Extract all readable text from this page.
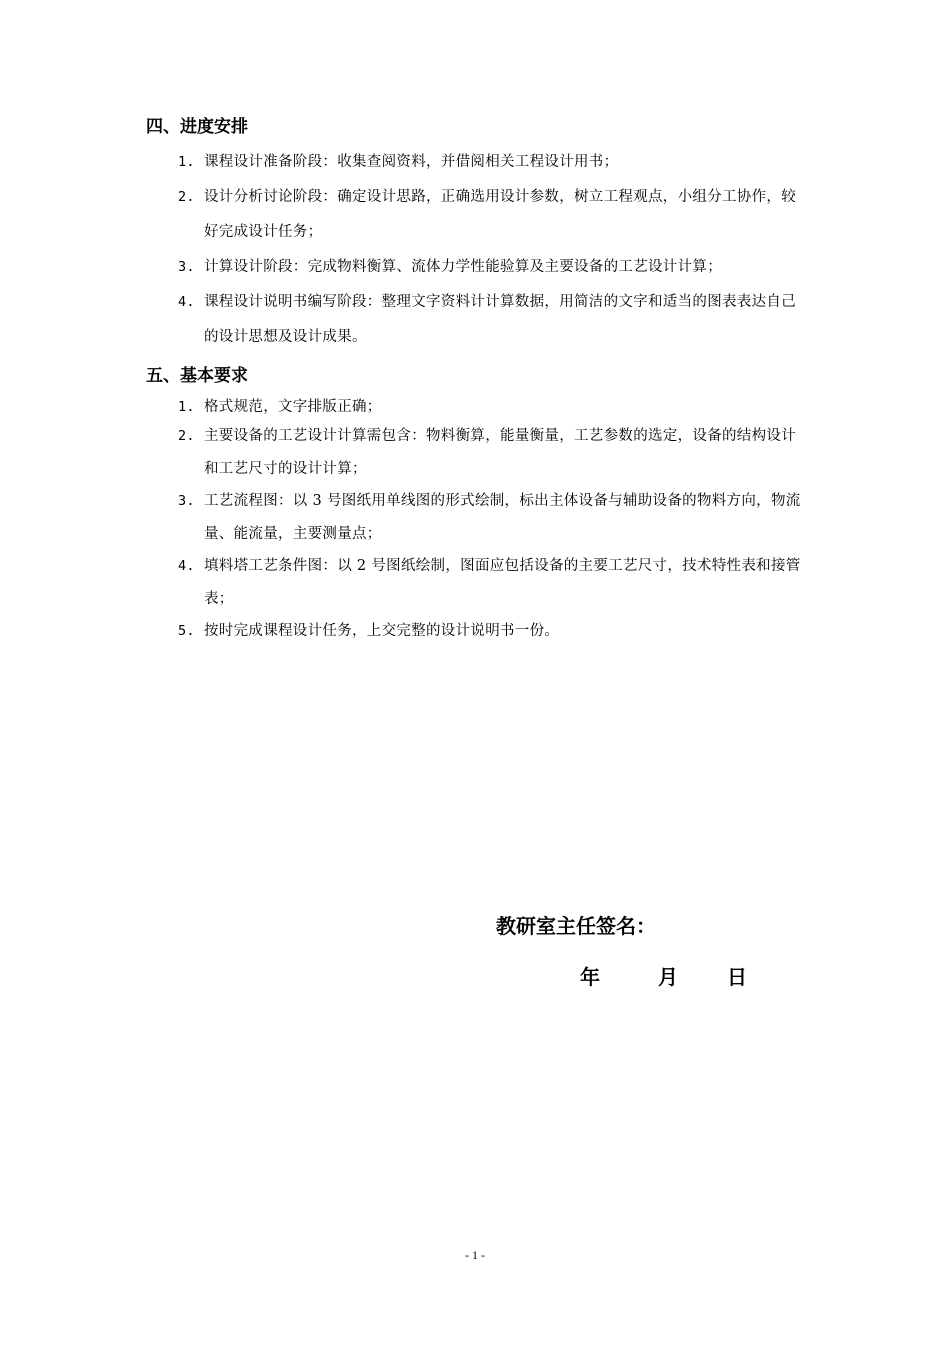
四、进度安排
1. 课程设计准备阶段：收集查阅资料，并借阅相关工程设计用书；
2. 设计分析讨论阶段：确定设计思路，正确选用设计参数，树立工程观点，小组分工协作，较好完成设计任务；
3. 计算设计阶段：完成物料衡算、流体力学性能验算及主要设备的工艺设计计算；
4. 课程设计说明书编写阶段：整理文字资料计计算数据，用简洁的文字和适当的图表表达自己的设计思想及设计成果。
五、基本要求
1. 格式规范，文字排版正确；
2. 主要设备的工艺设计计算需包含：物料衡算，能量衡量，工艺参数的选定，设备的结构设计和工艺尺寸的设计计算；
3. 工艺流程图：以 3 号图纸用单线图的形式绘制，标出主体设备与辅助设备的物料方向，物流量、能流量，主要测量点；
4. 填料塔工艺条件图：以 2 号图纸绘制，图面应包括设备的主要工艺尺寸，技术特性表和接管表；
5. 按时完成课程设计任务，上交完整的设计说明书一份。
教研室主任签名：
年	月 日
- 1 -
